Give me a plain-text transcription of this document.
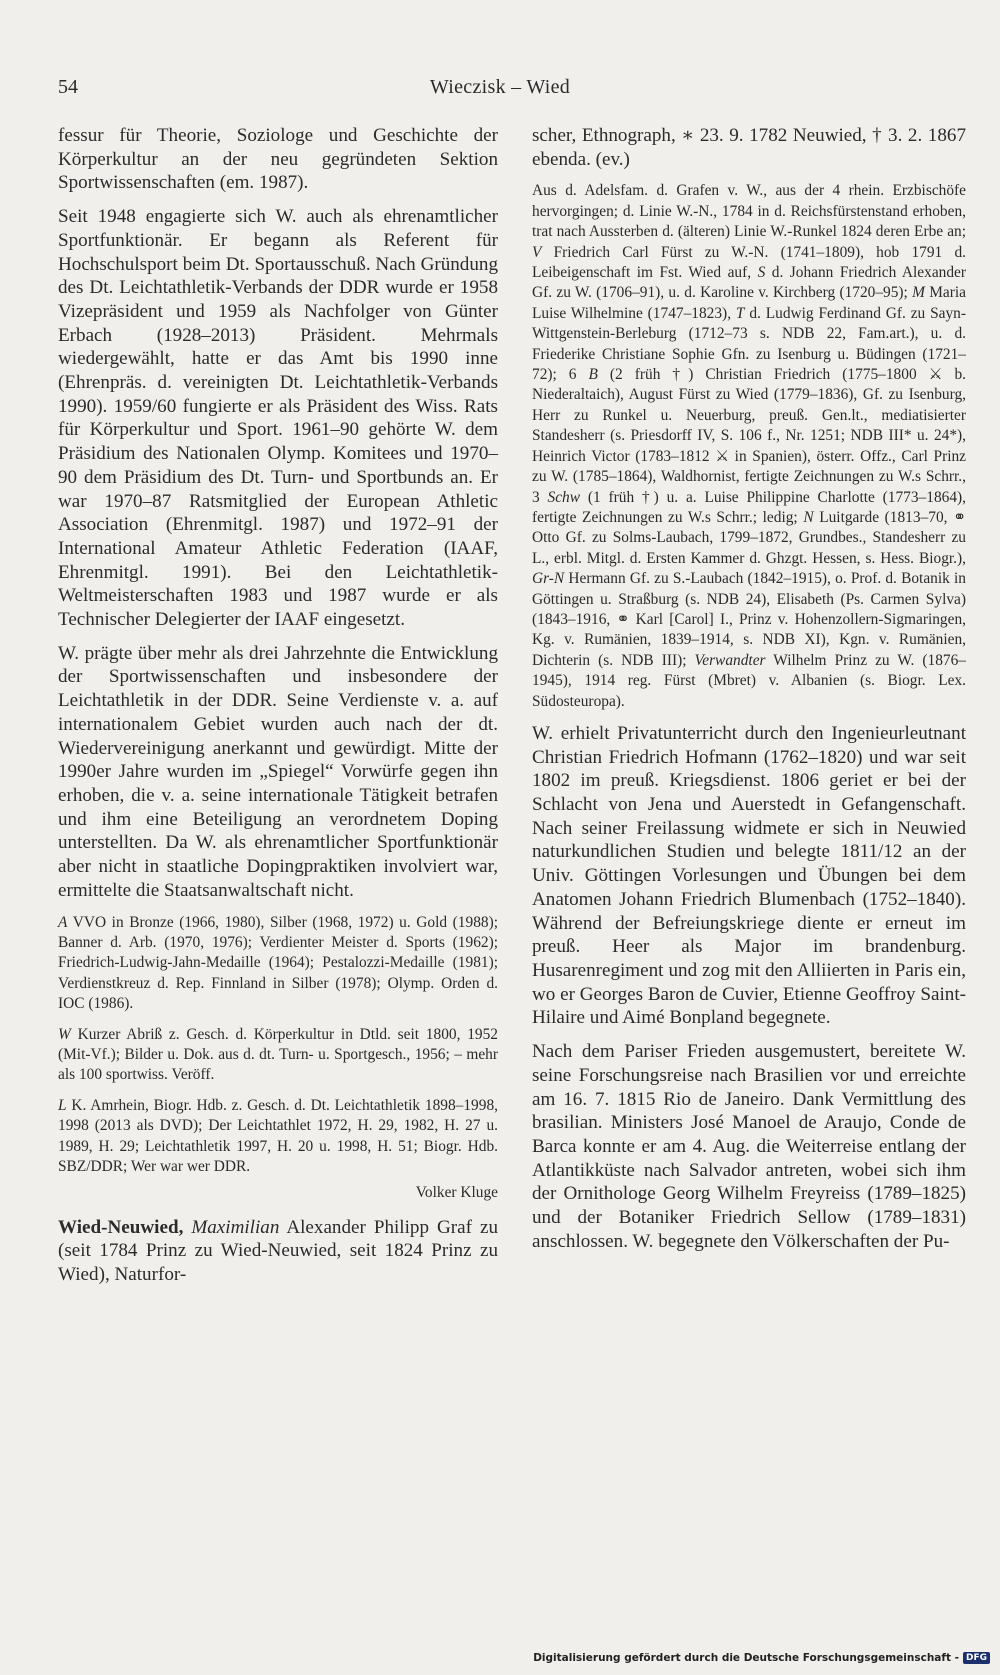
54	Wieczisk – Wied

fessur für Theorie, Soziologe und Geschichte der Körperkultur an der neu gegründeten Sektion Sportwissenschaften (em. 1987).

Seit 1948 engagierte sich W. auch als ehrenamtlicher Sportfunktionär. Er begann als Referent für Hochschulsport beim Dt. Sportausschuß. Nach Gründung des Dt. Leichtathletik-Verbands der DDR wurde er 1958 Vizepräsident und 1959 als Nachfolger von Günter Erbach (1928–2013) Präsident. Mehrmals wiedergewählt, hatte er das Amt bis 1990 inne (Ehrenpräs. d. vereinigten Dt. Leichtathletik-Verbands 1990). 1959/60 fungierte er als Präsident des Wiss. Rats für Körperkultur und Sport. 1961–90 gehörte W. dem Präsidium des Nationalen Olymp. Komitees und 1970–90 dem Präsidium des Dt. Turn- und Sportbunds an. Er war 1970–87 Ratsmitglied der European Athletic Association (Ehrenmitgl. 1987) und 1972–91 der International Amateur Athletic Federation (IAAF, Ehrenmitgl. 1991). Bei den Leichtathletik-Weltmeisterschaften 1983 und 1987 wurde er als Technischer Delegierter der IAAF eingesetzt.

W. prägte über mehr als drei Jahrzehnte die Entwicklung der Sportwissenschaften und insbesondere der Leichtathletik in der DDR. Seine Verdienste v. a. auf internationalem Gebiet wurden auch nach der dt. Wiedervereinigung anerkannt und gewürdigt. Mitte der 1990er Jahre wurden im „Spiegel“ Vorwürfe gegen ihn erhoben, die v. a. seine internationale Tätigkeit betrafen und ihm eine Beteiligung an verordnetem Doping unterstellten. Da W. als ehrenamtlicher Sportfunktionär aber nicht in staatliche Dopingpraktiken involviert war, ermittelte die Staatsanwaltschaft nicht.

A VVO in Bronze (1966, 1980), Silber (1968, 1972) u. Gold (1988); Banner d. Arb. (1970, 1976); Verdienter Meister d. Sports (1962); Friedrich-Ludwig-Jahn-Medaille (1964); Pestalozzi-Medaille (1981); Verdienstkreuz d. Rep. Finnland in Silber (1978); Olymp. Orden d. IOC (1986).

W Kurzer Abriß z. Gesch. d. Körperkultur in Dtld. seit 1800, 1952 (Mit-Vf.); Bilder u. Dok. aus d. dt. Turn- u. Sportgesch., 1956; – mehr als 100 sportwiss. Veröff.

L K. Amrhein, Biogr. Hdb. z. Gesch. d. Dt. Leichtathletik 1898–1998, 1998 (2013 als DVD); Der Leichtathlet 1972, H. 29, 1982, H. 27 u. 1989, H. 29; Leichtathletik 1997, H. 20 u. 1998, H. 51; Biogr. Hdb. SBZ/DDR; Wer war wer DDR.

Volker Kluge

Wied-Neuwied, Maximilian Alexander Philipp Graf zu (seit 1784 Prinz zu Wied-Neuwied, seit 1824 Prinz zu Wied), Naturfor-

scher, Ethnograph, ∗ 23. 9. 1782 Neuwied, † 3. 2. 1867 ebenda. (ev.)

Aus d. Adelsfam. d. Grafen v. W., aus der 4 rhein. Erzbischöfe hervorgingen; d. Linie W.-N., 1784 in d. Reichsfürstenstand erhoben, trat nach Aussterben d. (älteren) Linie W.-Runkel 1824 deren Erbe an; V Friedrich Carl Fürst zu W.-N. (1741–1809), hob 1791 d. Leibeigenschaft im Fst. Wied auf, S d. Johann Friedrich Alexander Gf. zu W. (1706–91), u. d. Karoline v. Kirchberg (1720–95); M Maria Luise Wilhelmine (1747–1823), T d. Ludwig Ferdinand Gf. zu Sayn-Wittgenstein-Berleburg (1712–73 s. NDB 22, Fam.art.), u. d. Friederike Christiane Sophie Gfn. zu Isenburg u. Büdingen (1721–72); 6 B (2 früh †) Christian Friedrich (1775–1800 ⚔ b. Niederaltaich), August Fürst zu Wied (1779–1836), Gf. zu Isenburg, Herr zu Runkel u. Neuerburg, preuß. Gen.lt., mediatisierter Standesherr (s. Priesdorff IV, S. 106 f., Nr. 1251; NDB III* u. 24*), Heinrich Victor (1783–1812 ⚔ in Spanien), österr. Offz., Carl Prinz zu W. (1785–1864), Waldhornist, fertigte Zeichnungen zu W.s Schrr., 3 Schw (1 früh †) u. a. Luise Philippine Charlotte (1773–1864), fertigte Zeichnungen zu W.s Schrr.; ledig; N Luitgarde (1813–70, ⚭ Otto Gf. zu Solms-Laubach, 1799–1872, Grundbes., Standesherr zu L., erbl. Mitgl. d. Ersten Kammer d. Ghzgt. Hessen, s. Hess. Biogr.), Gr-N Hermann Gf. zu S.-Laubach (1842–1915), o. Prof. d. Botanik in Göttingen u. Straßburg (s. NDB 24), Elisabeth (Ps. Carmen Sylva) (1843–1916, ⚭ Karl [Carol] I., Prinz v. Hohenzollern-Sigmaringen, Kg. v. Rumänien, 1839–1914, s. NDB XI), Kgn. v. Rumänien, Dichterin (s. NDB III); Verwandter Wilhelm Prinz zu W. (1876–1945), 1914 reg. Fürst (Mbret) v. Albanien (s. Biogr. Lex. Südosteuropa).

W. erhielt Privatunterricht durch den Ingenieurleutnant Christian Friedrich Hofmann (1762–1820) und war seit 1802 im preuß. Kriegsdienst. 1806 geriet er bei der Schlacht von Jena und Auerstedt in Gefangenschaft. Nach seiner Freilassung widmete er sich in Neuwied naturkundlichen Studien und belegte 1811/12 an der Univ. Göttingen Vorlesungen und Übungen bei dem Anatomen Johann Friedrich Blumenbach (1752–1840). Während der Befreiungskriege diente er erneut im preuß. Heer als Major im brandenburg. Husarenregiment und zog mit den Alliierten in Paris ein, wo er Georges Baron de Cuvier, Etienne Geoffroy Saint-Hilaire und Aimé Bonpland begegnete.

Nach dem Pariser Frieden ausgemustert, bereitete W. seine Forschungsreise nach Brasilien vor und erreichte am 16. 7. 1815 Rio de Janeiro. Dank Vermittlung des brasilian. Ministers José Manoel de Araujo, Conde de Barca konnte er am 4. Aug. die Weiterreise entlang der Atlantikküste nach Salvador antreten, wobei sich ihm der Ornithologe Georg Wilhelm Freyreiss (1789–1825) und der Botaniker Friedrich Sellow (1789–1831) anschlossen. W. begegnete den Völkerschaften der Pu-

Digitalisierung gefördert durch die Deutsche Forschungsgemeinschaft - DFG
